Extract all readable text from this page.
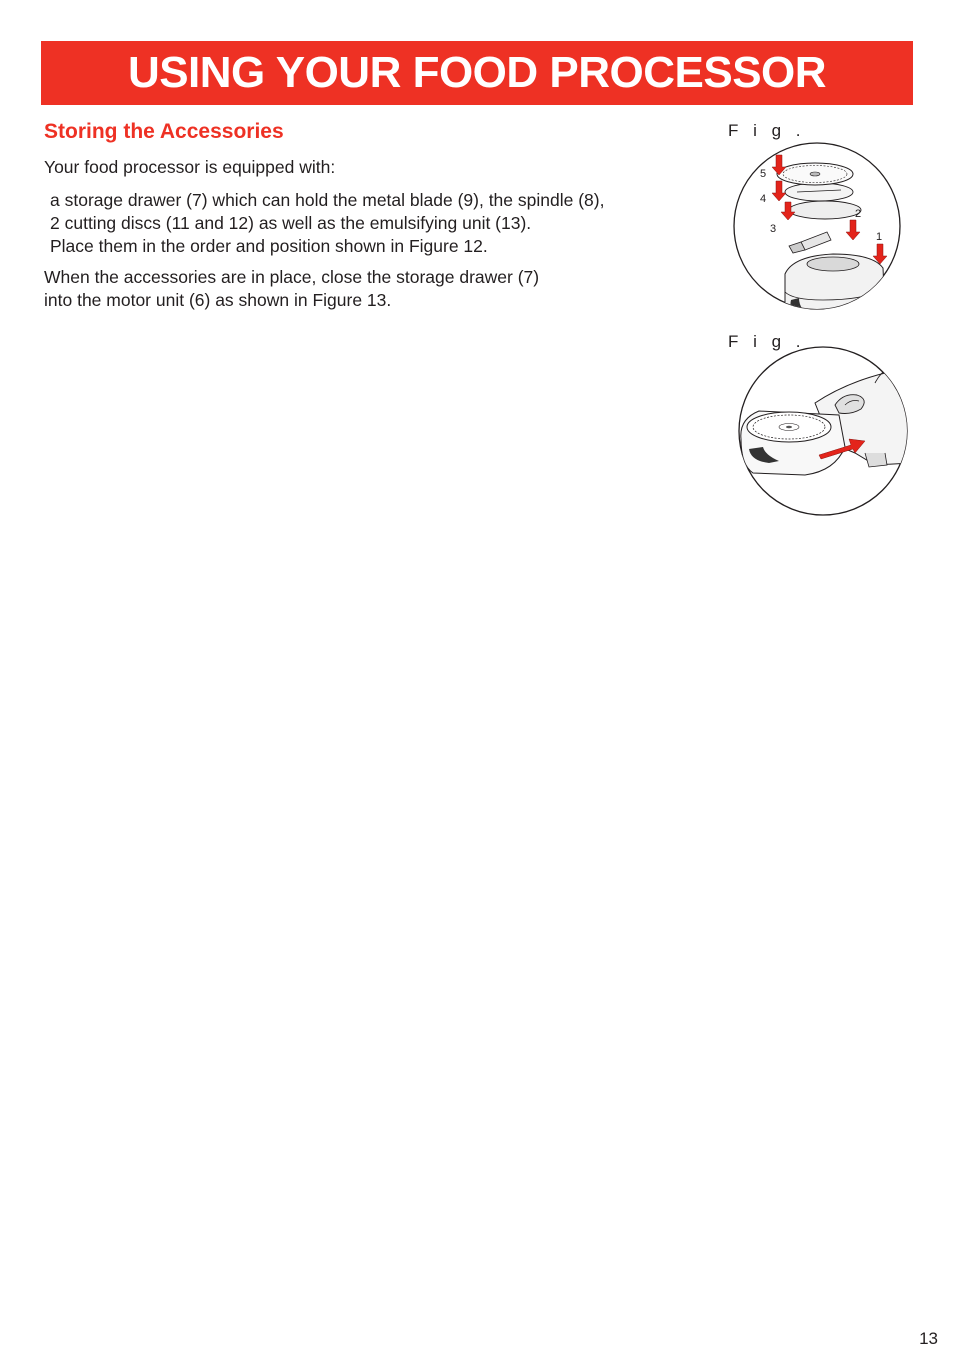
USING YOUR FOOD PROCESSOR
Storing the Accessories

Your food processor is equipped with:

a storage drawer (7) which can hold the metal blade (9), the spindle (8),
2 cutting discs (11 and 12) as well as the emulsifying unit (13).
Place them in the order and position shown in Figure 12.

When the accessories are in place, close the storage drawer (7)
into the motor unit (6) as shown in Figure 13.

F i g .
5
4
3
2
1
F i g .
13
